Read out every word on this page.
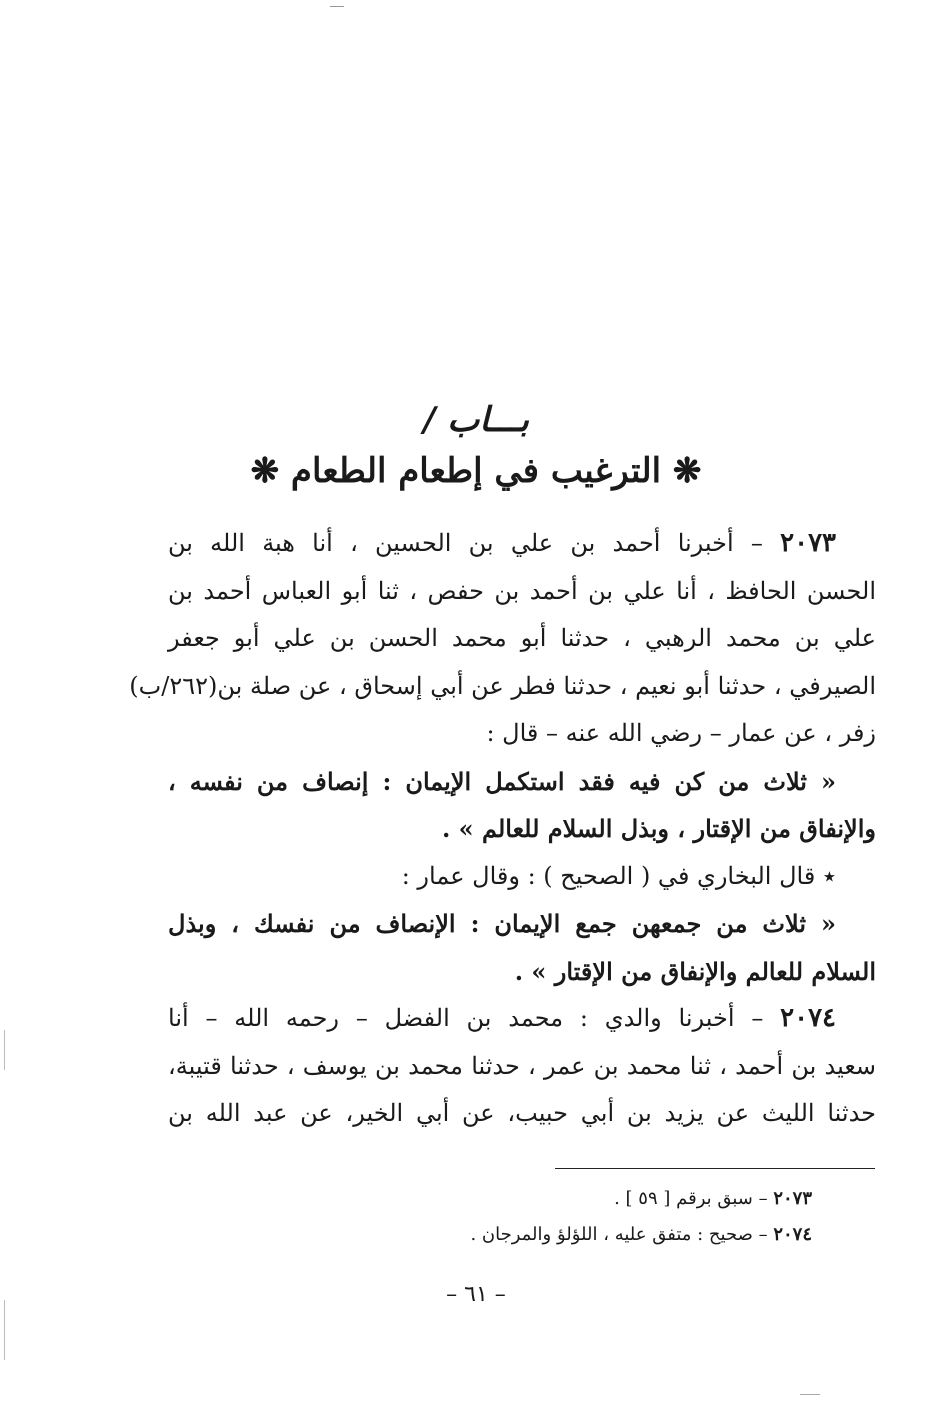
بـــاب /
❋ الترغيب في إطعام الطعام ❋
٢٠٧٣ – أخبرنا أحمد بن علي بن الحسين ، أنا هبة الله بن
الحسن الحافظ ، أنا علي بن أحمد بن حفص ، ثنا أبو العباس أحمد بن
علي بن محمد الرهبي ، حدثنا أبو محمد الحسن بن علي أبو جعفر
الصيرفي ، حدثنا أبو نعيم ، حدثنا فطر عن أبي إسحاق ، عن صلة بن(٢٦٢/ب)
زفر ، عن عمار – رضي الله عنه – قال :
« ثلاث من كن فيه فقد استكمل الإيمان : إنصاف من نفسه ،
والإنفاق من الإقتار ، وبذل السلام للعالم » .
٭ قال البخاري في ( الصحيح ) : وقال عمار :
« ثلاث من جمعهن جمع الإيمان : الإنصاف من نفسك ، وبذل
السلام للعالم والإنفاق من الإقتار » .
٢٠٧٤ – أخبرنا والدي : محمد بن الفضل – رحمه الله – أنا
سعيد بن أحمد ، ثنا محمد بن عمر ، حدثنا محمد بن يوسف ، حدثنا قتيبة،
حدثنا الليث عن يزيد بن أبي حبيب، عن أبي الخير، عن عبد الله بن
٢٠٧٣ – سبق برقم [ ٥٩ ] .
٢٠٧٤ – صحيح : متفق عليه ، اللؤلؤ والمرجان .
– ٦١ –
